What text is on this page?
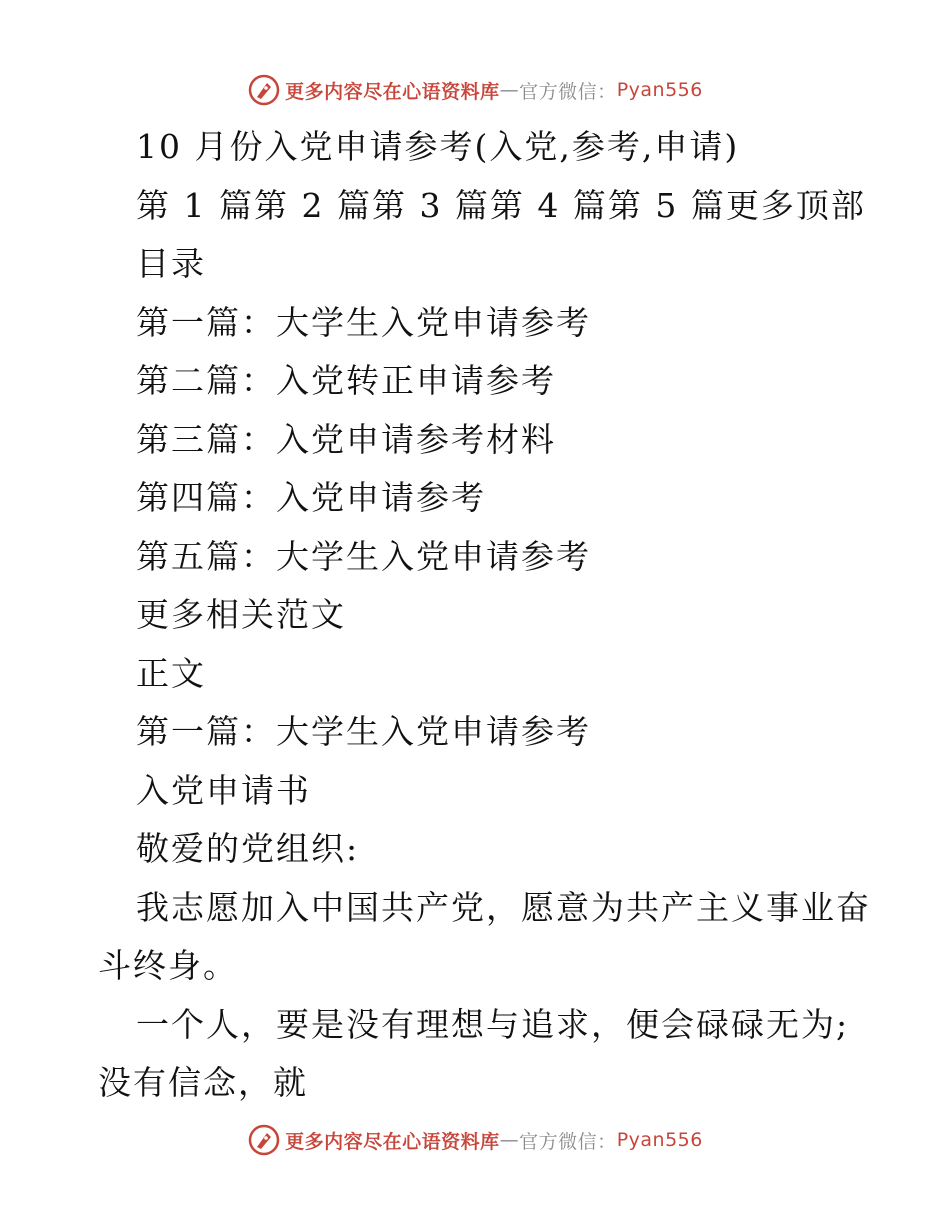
更多内容尽在心语资料库 — 官方微信： Pyan556
10 月份入党申请参考(入党,参考,申请)
第 1 篇第 2 篇第 3 篇第 4 篇第 5 篇更多顶部
目录
第一篇：大学生入党申请参考
第二篇：入党转正申请参考
第三篇：入党申请参考材料
第四篇：入党申请参考
第五篇：大学生入党申请参考
更多相关范文
正文
第一篇：大学生入党申请参考
入党申请书
敬爱的党组织:
我志愿加入中国共产党，愿意为共产主义事业奋
斗终身。
一个人，要是没有理想与追求，便会碌碌无为;
没有信念，就
更多内容尽在心语资料库 — 官方微信： Pyan556
